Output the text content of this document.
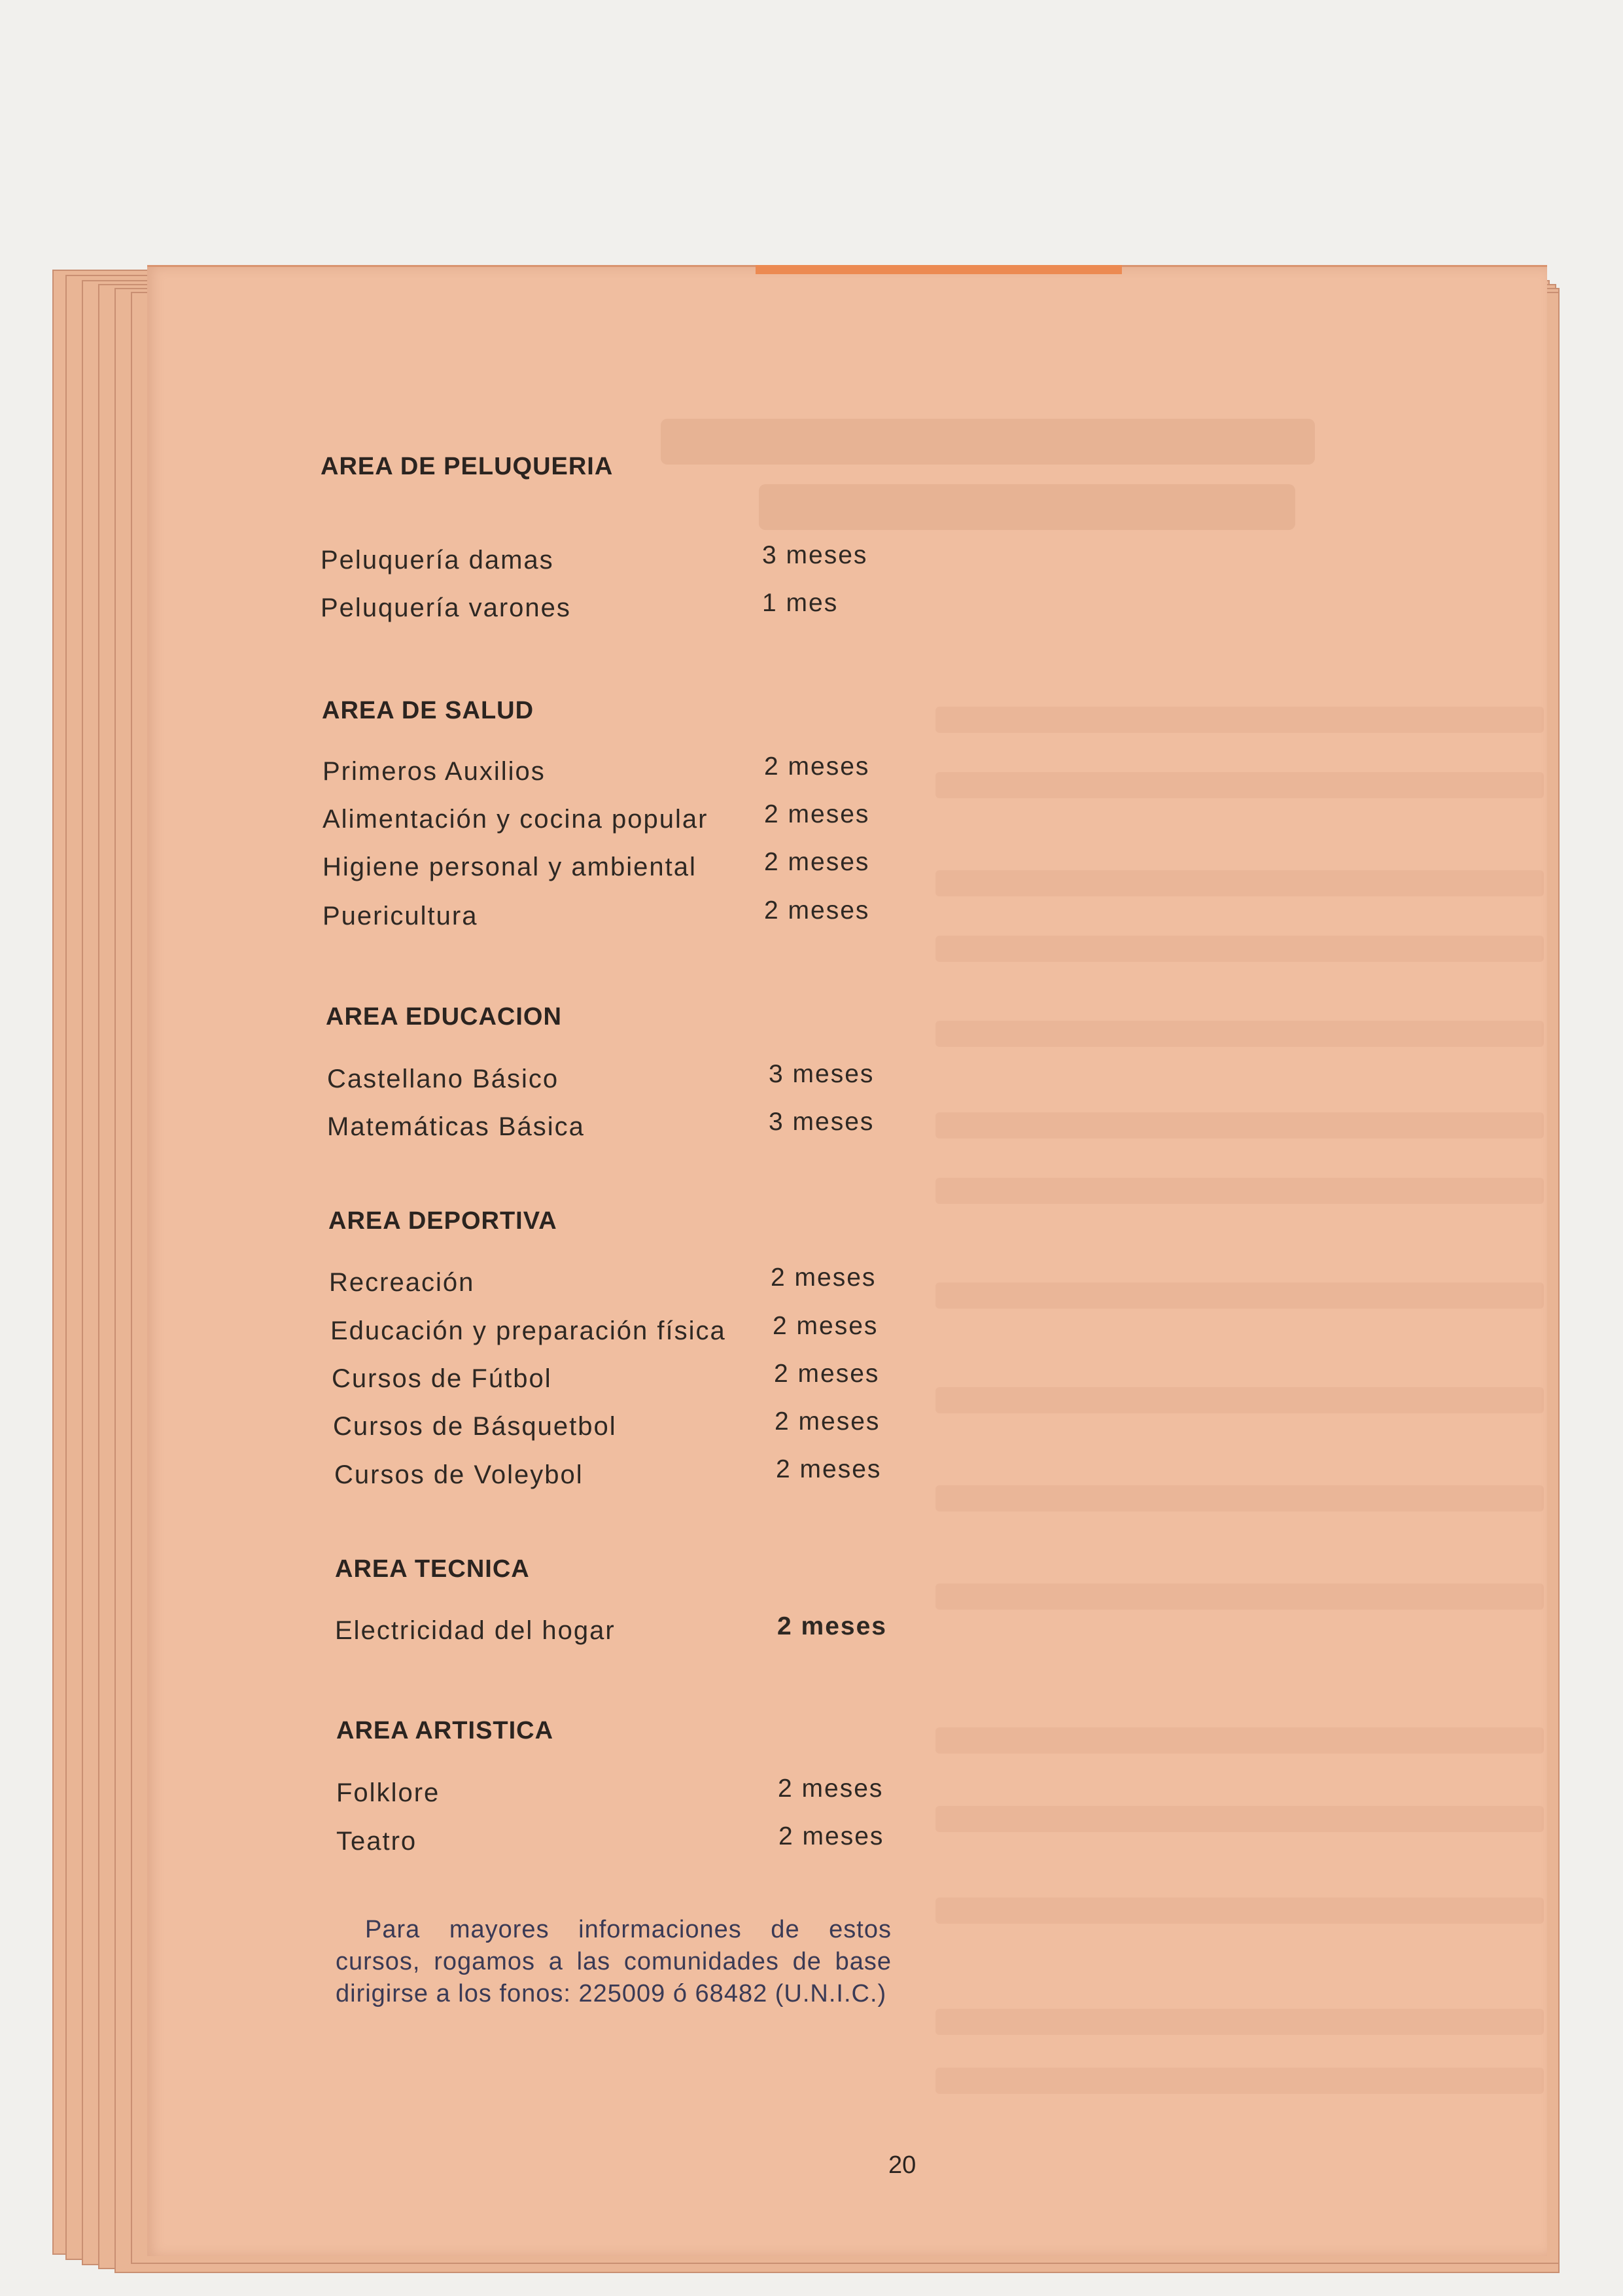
AREA DE PELUQUERIA
Peluquería damas	3 meses
Peluquería varones	1 mes
AREA DE SALUD
Primeros Auxilios	2 meses
Alimentación y cocina popular 2 meses
Higiene personal y ambiental	2 meses
Puericultura	2 meses
AREA EDUCACION
Castellano Básico	3 meses
Matemáticas Básica	3 meses
AREA DEPORTIVA
Recreación	2 meses
Educación y preparación física 2 meses
Cursos de Fútbol	2 meses
Cursos de Básquetbol	2 meses
Cursos de Voleybol	2 meses
AREA TECNICA
Electricidad del hogar	2 meses
AREA ARTISTICA
Folklore	2 meses
Teatro	2 meses
Para mayores informaciones de estos cursos, rogamos a las comunidades de base dirigirse a los fonos: 225009 ó 68482 (U.N.I.C.)
20
